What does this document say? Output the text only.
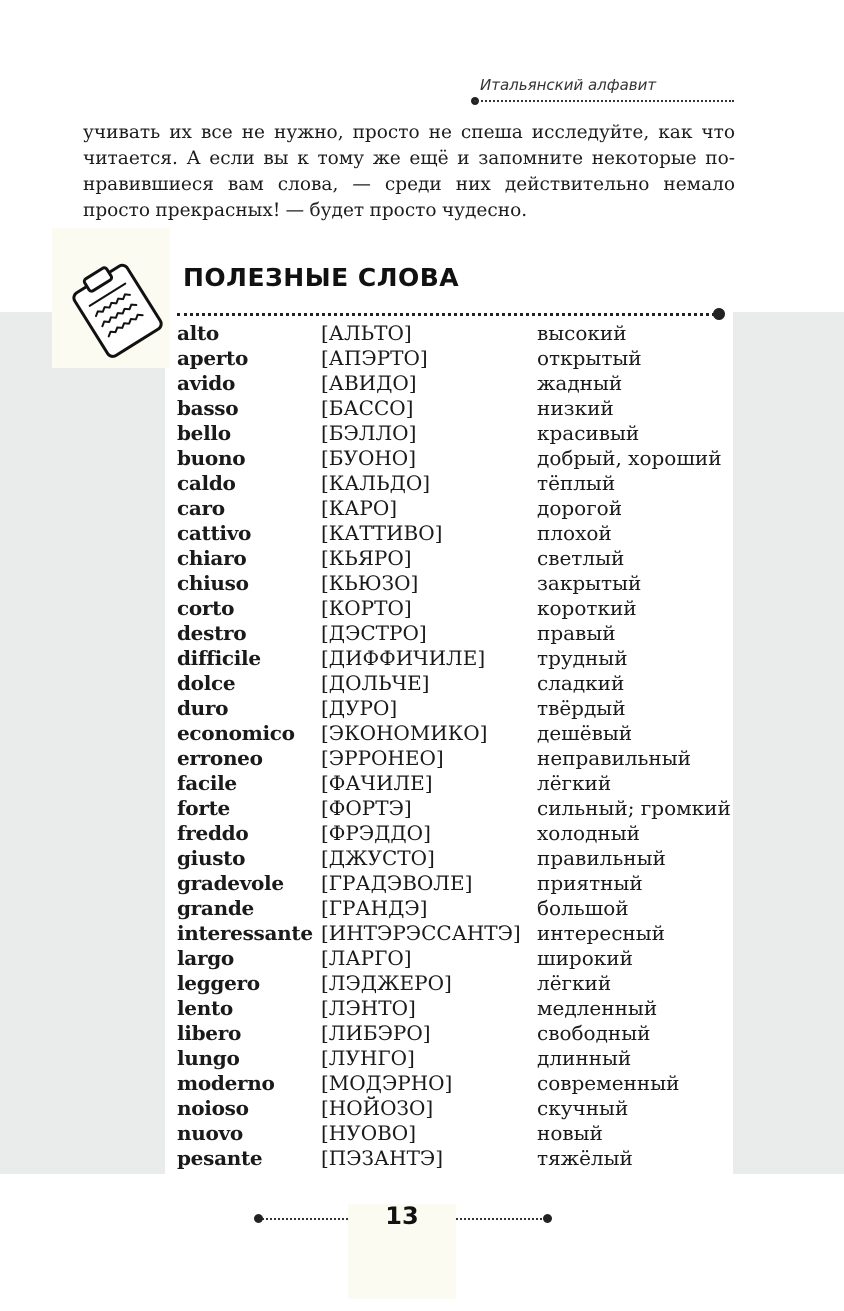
Итальянский алфавит

учивать их все не нужно, просто не спеша исследуйте, как что читается. А если вы к тому же ещё и запомните некоторые по- нравившиеся вам слова, — среди них действительно немало просто прекрасных! — будет просто чудесно.

ПОЛЕЗНЫЕ СЛОВА
alto	[АЛЬТО]	высокий
aperto	[АПЭРТО]	открытый
avido	[АВИДО]	жадный
basso	[БАССО]	низкий
bello	[БЭЛЛО]	красивый
buono	[БУОНО]	добрый, хороший
caldo	[КАЛЬДО]	тёплый
caro	[КАРО]	дорогой
cattivo	[КАТТИВО]	плохой
chiaro	[КЬЯРО]	светлый
chiuso	[КЬЮЗО]	закрытый
corto	[КОРТО]	короткий
destro	[ДЭСТРО]	правый
difficile	[ДИФФИЧИЛЕ]	трудный
dolce	[ДОЛЬЧЕ]	сладкий
duro	[ДУРО]	твёрдый
economico [ЭКОНОМИКО] дешёвый
erroneo	[ЭРРОНЕО]	неправильный
facile	[ФАЧИЛЕ]	лёгкий
forte	[ФОРТЭ]	сильный; громкий
freddo	[ФРЭДДО]	холодный
giusto	[ДЖУСТО]	правильный
gradevole [ГРАДЭВОЛЕ]	приятный
grande	[ГРАНДЭ]	большой
interessante [ИНТЭРЭССАНТЭ] интересный
largo	[ЛАРГО]	широкий
leggero	[ЛЭДЖЕРО]	лёгкий
lento	[ЛЭНТО]	медленный
libero	[ЛИБЭРО]	свободный
lungo	[ЛУНГО]	длинный
moderno [МОДЭРНО]	современный
noioso	[НОЙОЗО]	скучный
nuovo	[НУОВО]	новый
pesante	[ПЭЗАНТЭ]	тяжёлый
13
